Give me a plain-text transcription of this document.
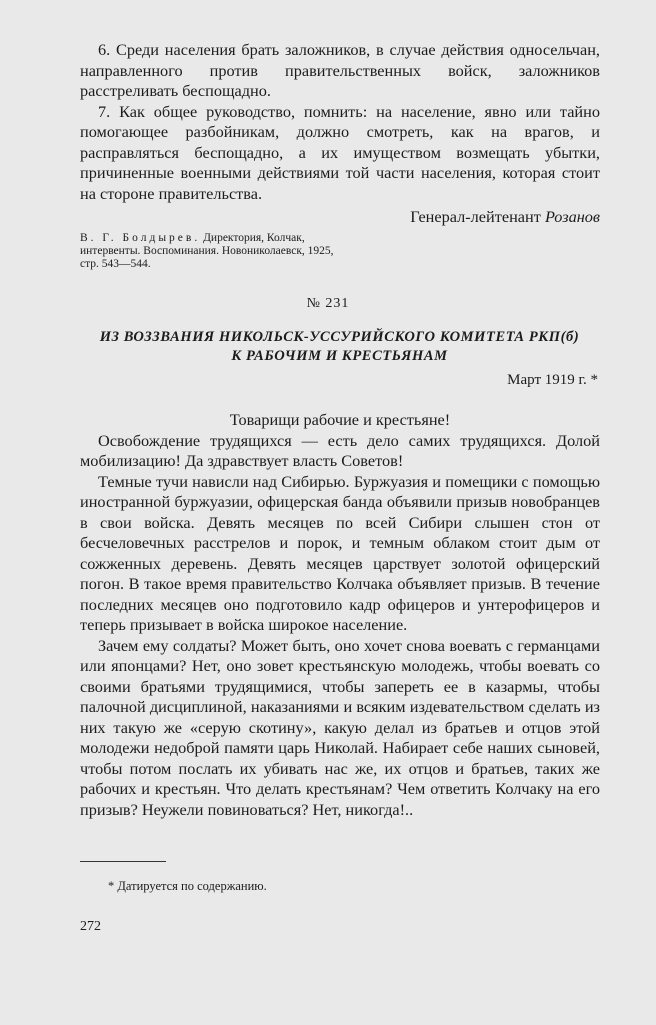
6. Среди населения брать заложников, в случае действия односельчан, направленного против правительственных войск, заложников расстреливать беспощадно.

7. Как общее руководство, помнить: на население, явно или тайно помогающее разбойникам, должно смотреть, как на врагов, и расправляться беспощадно, а их имуществом возмещать убытки, причиненные военными действиями той части населения, которая стоит на стороне правительства.

Генерал-лейтенант Розанов
В. Г. Болдырев. Директория, Колчак, интервенты. Воспоминания. Новониколаевск, 1925, стр. 543—544.
№ 231
ИЗ ВОЗЗВАНИЯ НИКОЛЬСК-УССУРИЙСКОГО КОМИТЕТА РКП(б)
К РАБОЧИМ И КРЕСТЬЯНАМ
Март 1919 г. *

Товарищи рабочие и крестьяне!

Освобождение трудящихся — есть дело самих трудящихся. Долой мобилизацию! Да здравствует власть Советов!

Темные тучи нависли над Сибирью. Буржуазия и помещики с помощью иностранной буржуазии, офицерская банда объявили призыв новобранцев в свои войска. Девять месяцев по всей Сибири слышен стон от бесчеловечных расстрелов и порок, и темным облаком стоит дым от сожженных деревень. Девять месяцев царствует золотой офицерский погон. В такое время правительство Колчака объявляет призыв. В течение последних месяцев оно подготовило кадр офицеров и унтерофицеров и теперь призывает в войска широкое население.

Зачем ему солдаты? Может быть, оно хочет снова воевать с германцами или японцами? Нет, оно зовет крестьянскую молодежь, чтобы воевать со своими братьями трудящимися, чтобы запереть ее в казармы, чтобы палочной дисциплиной, наказаниями и всяким издевательством сделать из них такую же «серую скотину», какую делал из братьев и отцов этой молодежи недоброй памяти царь Николай. Набирает себе наших сыновей, чтобы потом послать их убивать нас же, их отцов и братьев, таких же рабочих и крестьян. Что делать крестьянам? Чем ответить Колчаку на его призыв? Неужели повиноваться? Нет, никогда!..

* Датируется по содержанию.
272
